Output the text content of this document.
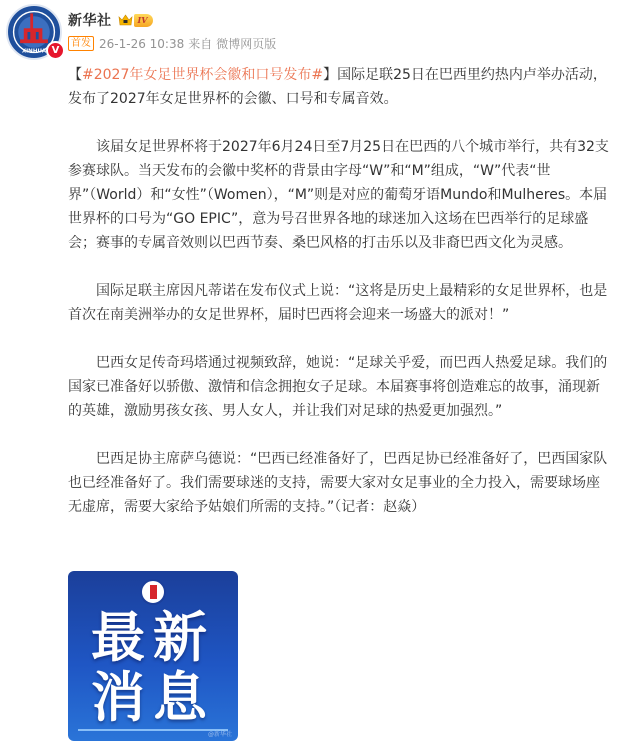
XINHUA V
新华社	IV
首发 26-1-26 10:38 来自 微博网页版

【#2027年女足世界杯会徽和口号发布#】国际足联25日在巴西里约热内卢举办活动，发布了2027年女足世界杯的会徽、口号和专属音效。

该届女足世界杯将于2027年6月24日至7月25日在巴西的八个城市举行，共有32支参赛球队。当天发布的会徽中奖杯的背景由字母“W”和“M”组成，“W”代表“世界”（World）和“女性”（Women），“M”则是对应的葡萄牙语Mundo和Mulheres。本届世界杯的口号为“GO EPIC”，意为号召世界各地的球迷加入这场在巴西举行的足球盛会；赛事的专属音效则以巴西节奏、桑巴风格的打击乐以及非裔巴西文化为灵感。

国际足联主席因凡蒂诺在发布仪式上说：“这将是历史上最精彩的女足世界杯，也是首次在南美洲举办的女足世界杯，届时巴西将会迎来一场盛大的派对！”

巴西女足传奇玛塔通过视频致辞，她说：“足球关乎爱，而巴西人热爱足球。我们的国家已准备好以骄傲、激情和信念拥抱女子足球。本届赛事将创造难忘的故事，涌现新的英雄，激励男孩女孩、男人女人，并让我们对足球的热爱更加强烈。”

巴西足协主席萨乌德说：“巴西已经准备好了，巴西足协已经准备好了，巴西国家队也已经准备好了。我们需要球迷的支持，需要大家对女足事业的全力投入，需要球场座无虚席，需要大家给予姑娘们所需的支持。”（记者：赵焱）

最新
消息
@新华社
